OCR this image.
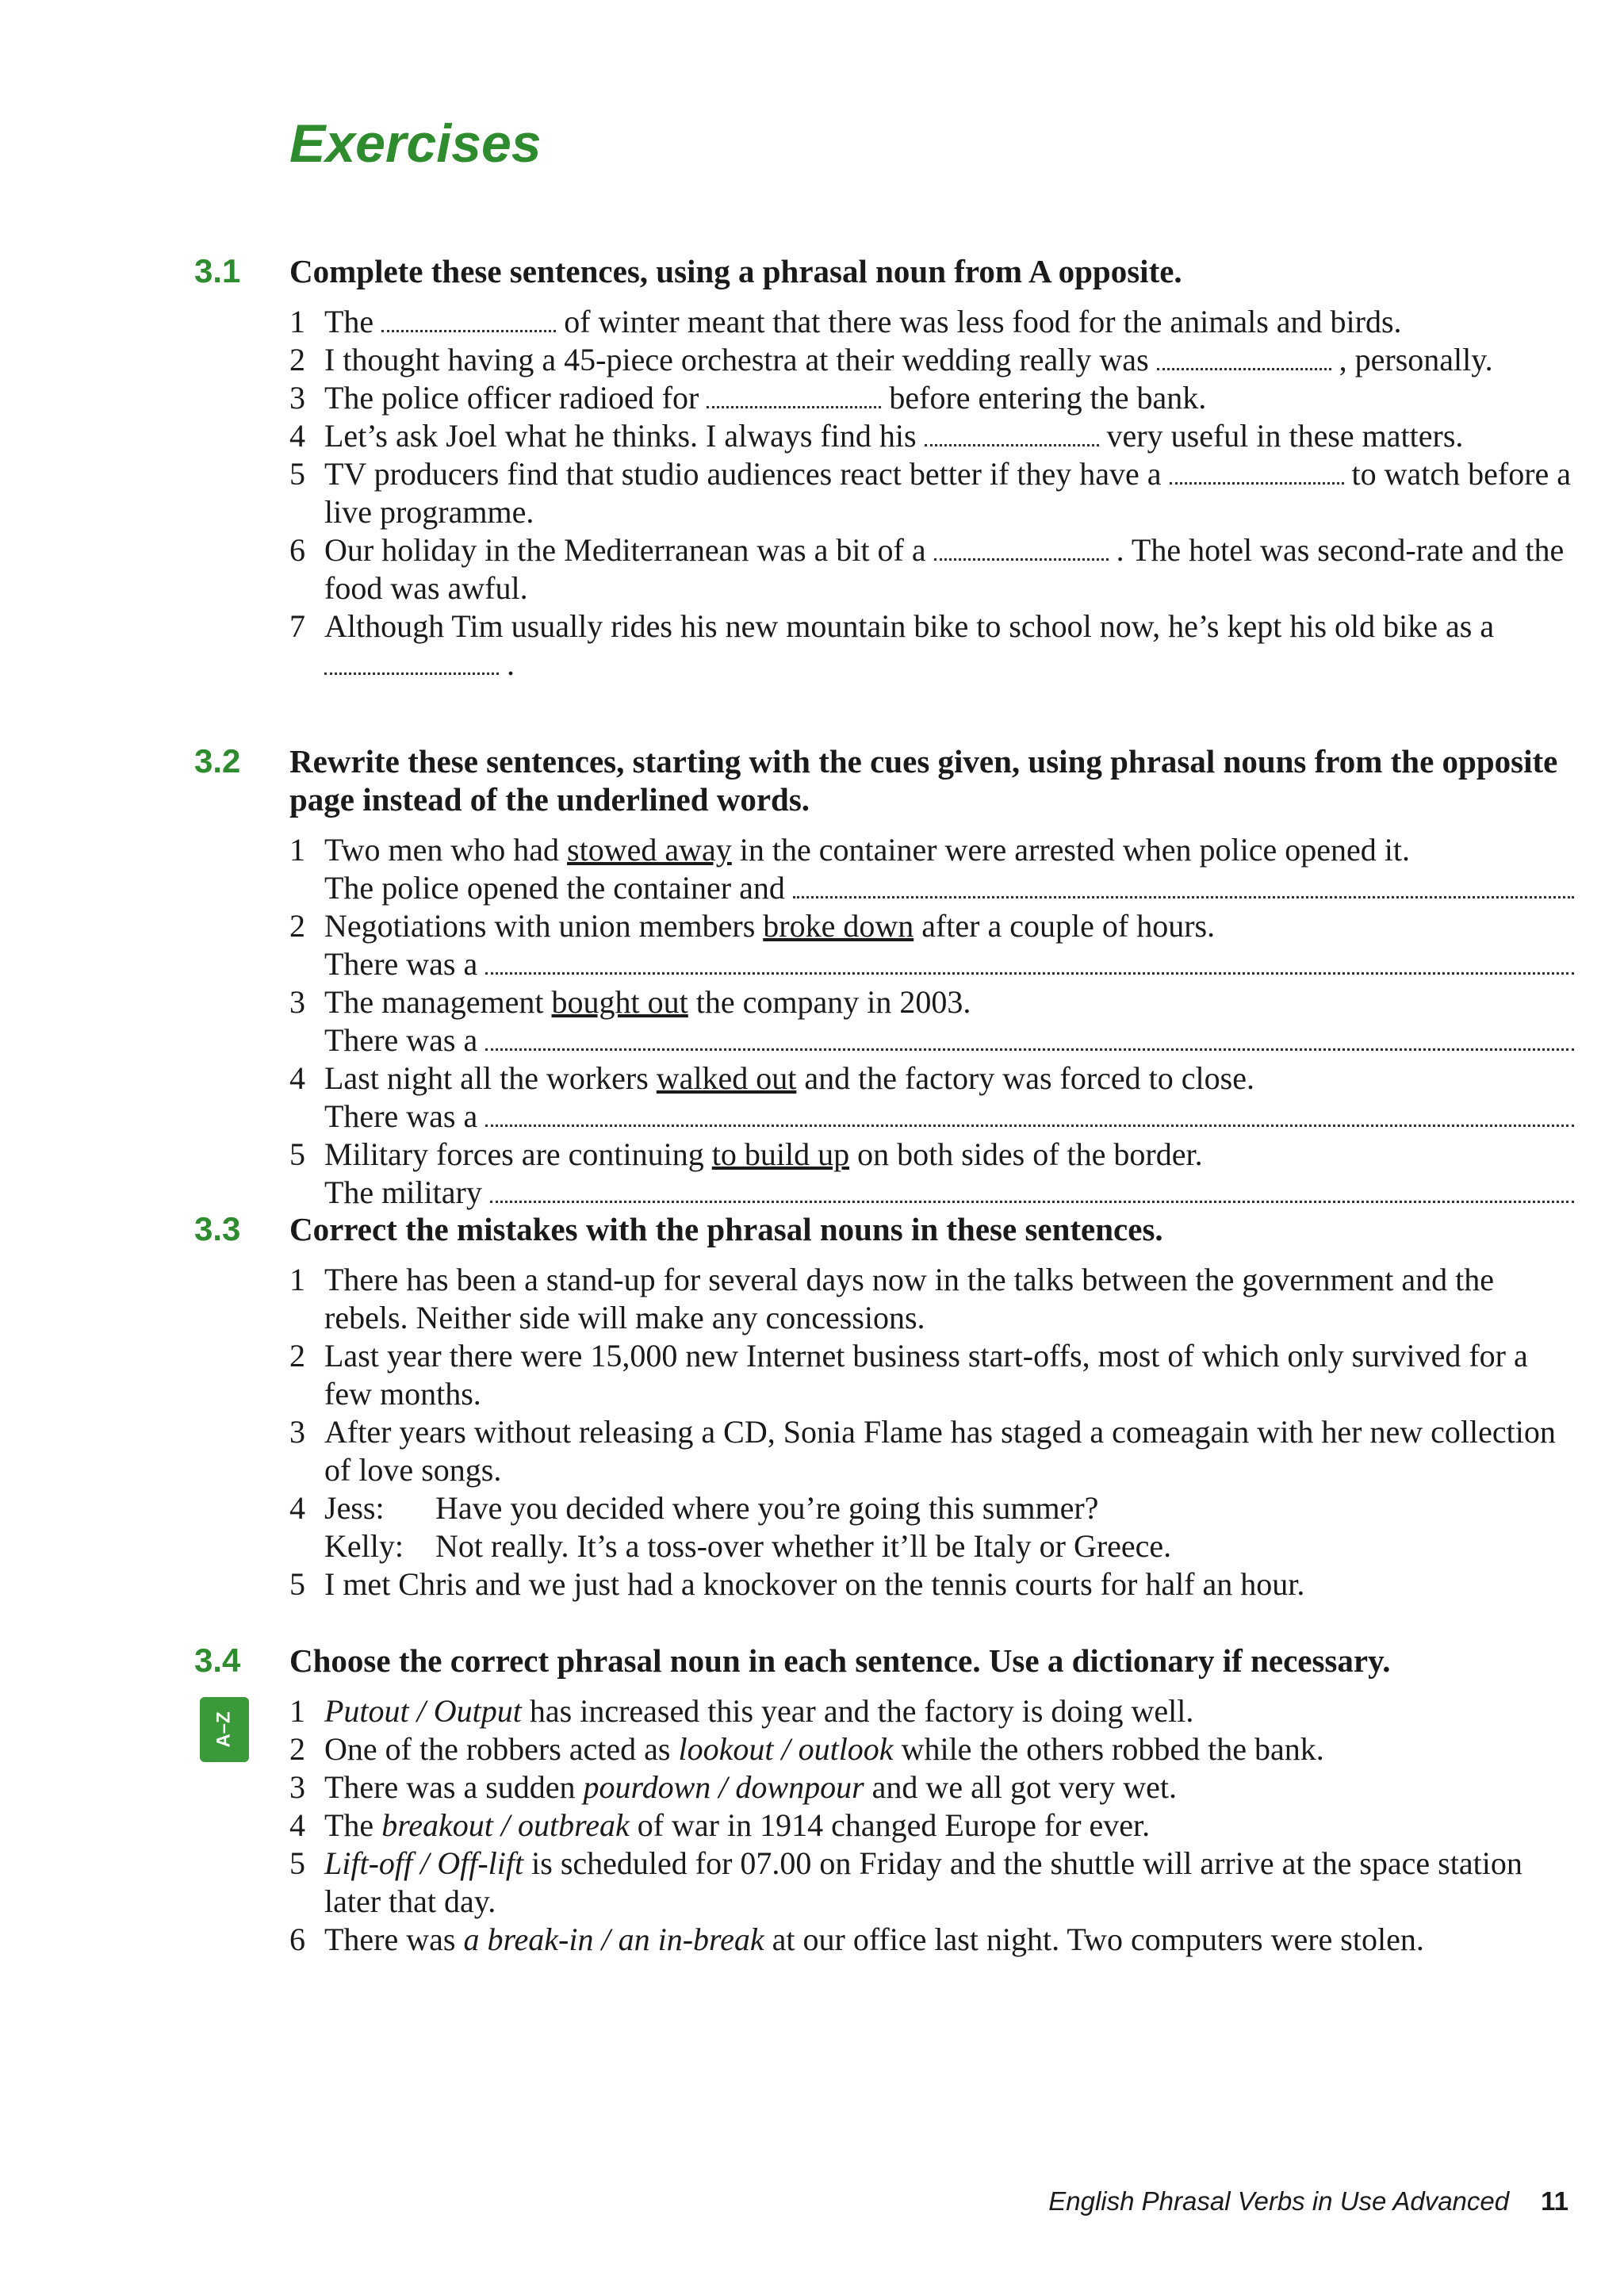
Exercises
3.1 Complete these sentences, using a phrasal noun from A opposite.
1 The	of winter meant that there was less food for the animals and birds.
2 I thought having a 45-piece orchestra at their wedding really was	, personally.
3 The police officer radioed for	before entering the bank.
4 Let’s ask Joel what he thinks. I always find his	very useful in these matters.
5 TV producers find that studio audiences react better if they have a	to watch before a live programme.
6 Our holiday in the Mediterranean was a bit of a	. The hotel was second-rate and the food was awful.
7 Although Tim usually rides his new mountain bike to school now, he’s kept his old bike as a  .
3.2 Rewrite these sentences, starting with the cues given, using phrasal nouns from the opposite page instead of the underlined words.
1 Two men who had stowed away in the container were arrested when police opened it.
The police opened the container and
2 Negotiations with union members broke down after a couple of hours.
There was a
3 The management bought out the company in 2003.
There was a
4 Last night all the workers walked out and the factory was forced to close.
There was a
5 Military forces are continuing to build up on both sides of the border.
The military
3.3 Correct the mistakes with the phrasal nouns in these sentences.
1 There has been a stand-up for several days now in the talks between the government and the rebels. Neither side will make any concessions.
2 Last year there were 15,000 new Internet business start-offs, most of which only survived for a few months.
3 After years without releasing a CD, Sonia Flame has staged a comeagain with her new collection of love songs.
4 Jess: Have you decided where you’re going this summer?
Kelly: Not really. It’s a toss-over whether it’ll be Italy or Greece.
5 I met Chris and we just had a knockover on the tennis courts for half an hour.
3.4 Choose the correct phrasal noun in each sentence. Use a dictionary if necessary.
1 Putout / Output has increased this year and the factory is doing well.
2 One of the robbers acted as lookout / outlook while the others robbed the bank.
3 There was a sudden pourdown / downpour and we all got very wet.
4 The breakout / outbreak of war in 1914 changed Europe for ever.
5 Lift-off / Off-lift is scheduled for 07.00 on Friday and the shuttle will arrive at the space station later that day.
6 There was a break-in / an in-break at our office last night. Two computers were stolen.
A–Z
English Phrasal Verbs in Use Advanced 11
